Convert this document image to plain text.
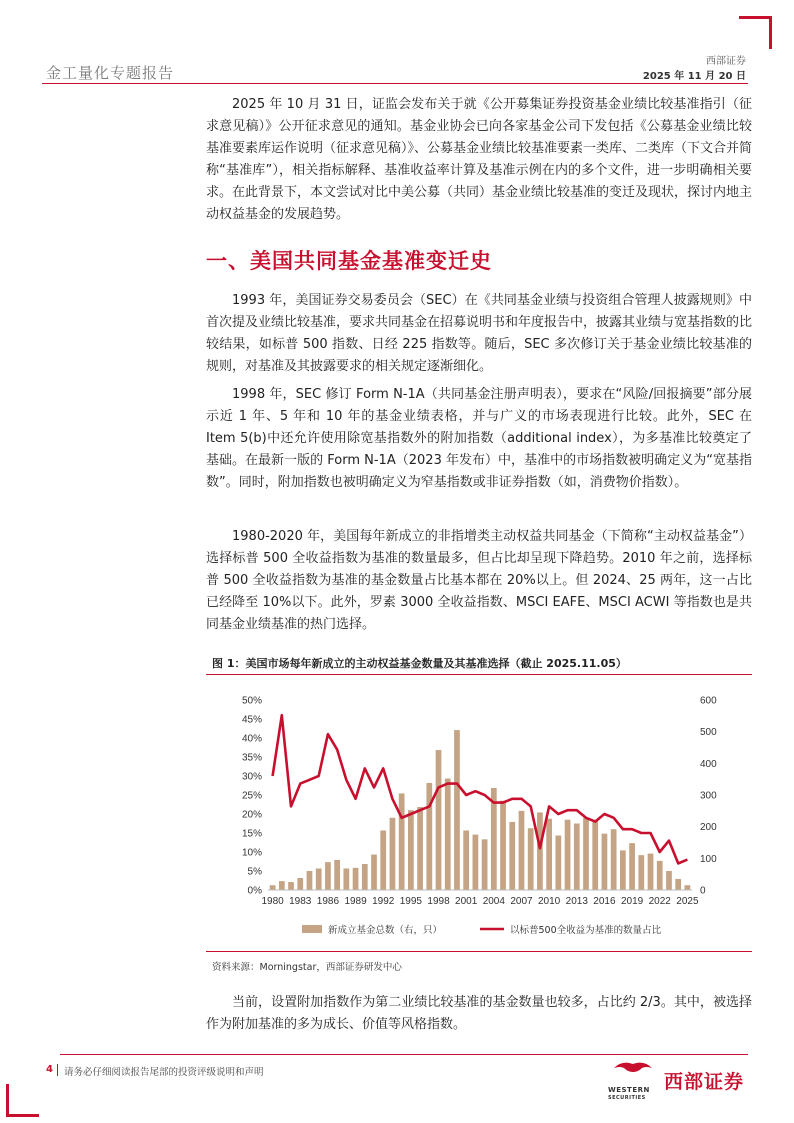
金工量化专题报告
西部证券
2025 年 11 月 20 日

2025 年 10 月 31 日，证监会发布关于就《公开募集证券投资基金业绩比较基准指引（征求意见稿）》公开征求意见的通知。基金业协会已向各家基金公司下发包括《公募基金业绩比较基准要素库运作说明（征求意见稿）》、公募基金业绩比较基准要素一类库、二类库（下文合并简称“基准库”），相关指标解释、基准收益率计算及基准示例在内的多个文件，进一步明确相关要求。在此背景下，本文尝试对比中美公募（共同）基金业绩比较基准的变迁及现状，探讨内地主动权益基金的发展趋势。

一、美国共同基金基准变迁史

1993 年，美国证券交易委员会（SEC）在《共同基金业绩与投资组合管理人披露规则》中首次提及业绩比较基准，要求共同基金在招募说明书和年度报告中，披露其业绩与宽基指数的比较结果，如标普 500 指数、日经 225 指数等。随后，SEC 多次修订关于基金业绩比较基准的规则，对基准及其披露要求的相关规定逐渐细化。

1998 年，SEC 修订 Form N-1A（共同基金注册声明表），要求在“风险/回报摘要”部分展示近 1 年、5 年和 10 年的基金业绩表格，并与广义的市场表现进行比较。此外，SEC 在 Item 5(b)中还允许使用除宽基指数外的附加指数（additional index），为多基准比较奠定了基础。在最新一版的 Form N-1A（2023 年发布）中，基准中的市场指数被明确定义为“宽基指数”。同时，附加指数也被明确定义为窄基指数或非证券指数（如，消费物价指数）。

1980-2020 年，美国每年新成立的非指增类主动权益共同基金（下简称“主动权益基金”）选择标普 500 全收益指数为基准的数量最多，但占比却呈现下降趋势。2010 年之前，选择标普 500 全收益指数为基准的基金数量占比基本都在 20%以上。但 2024、25 两年，这一占比已经降至 10%以下。此外，罗素 3000 全收益指数、MSCI EAFE、MSCI ACWI 等指数也是共同基金业绩基准的热门选择。

图 1：美国市场每年新成立的主动权益基金数量及其基准选择（截止 2025.11.05）
0%
5%
10%
15%
20%
25%
30%
35%
40%
45%
50%
0
100
200
300
400
500
600
1980 1983 1986 1989 1992 1995 1998 2001 2004 2007 2010 2013 2016 2019 2022 2025
新成立基金总数（右，只）	以标普500全收益为基准的数量占比
资料来源：Morningstar，西部证券研发中心

当前，设置附加指数作为第二业绩比较基准的基金数量也较多，占比约 2/3。其中，被选择作为附加基准的多为成长、价值等风格指数。

4 请务必仔细阅读报告尾部的投资评级说明和声明
WESTERN
SECURITIES
西部证券
